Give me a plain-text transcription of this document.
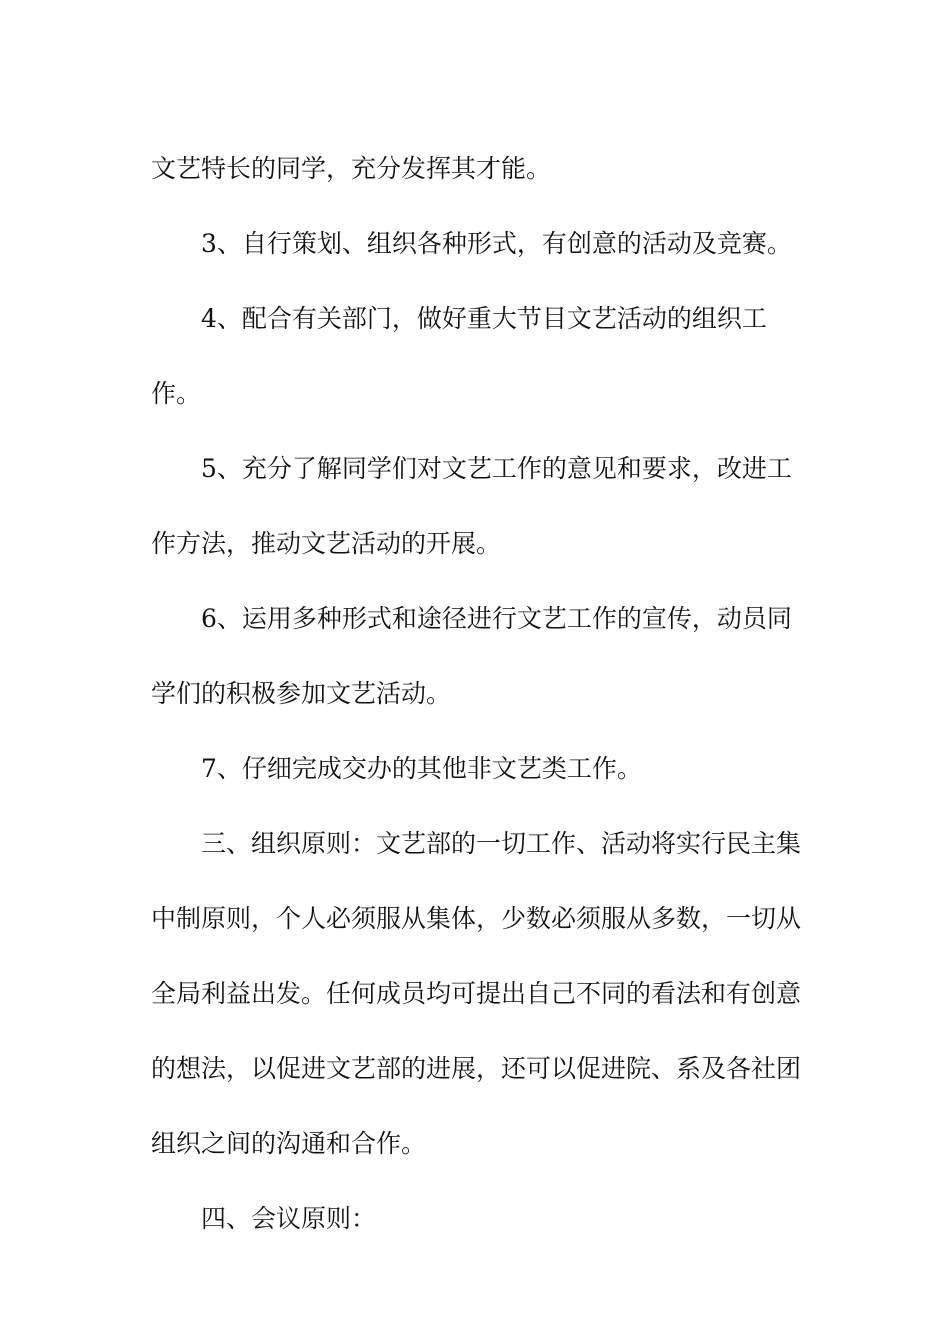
文艺特长的同学，充分发挥其才能。

3、自行策划、组织各种形式，有创意的活动及竞赛。

4、配合有关部门，做好重大节目文艺活动的组织工作。

5、充分了解同学们对文艺工作的意见和要求，改进工作方法，推动文艺活动的开展。

6、运用多种形式和途径进行文艺工作的宣传，动员同学们的积极参加文艺活动。

7、仔细完成交办的其他非文艺类工作。

三、组织原则：文艺部的一切工作、活动将实行民主集中制原则，个人必须服从集体，少数必须服从多数，一切从全局利益出发。任何成员均可提出自己不同的看法和有创意的想法，以促进文艺部的进展，还可以促进院、系及各社团组织之间的沟通和合作。

四、会议原则：
